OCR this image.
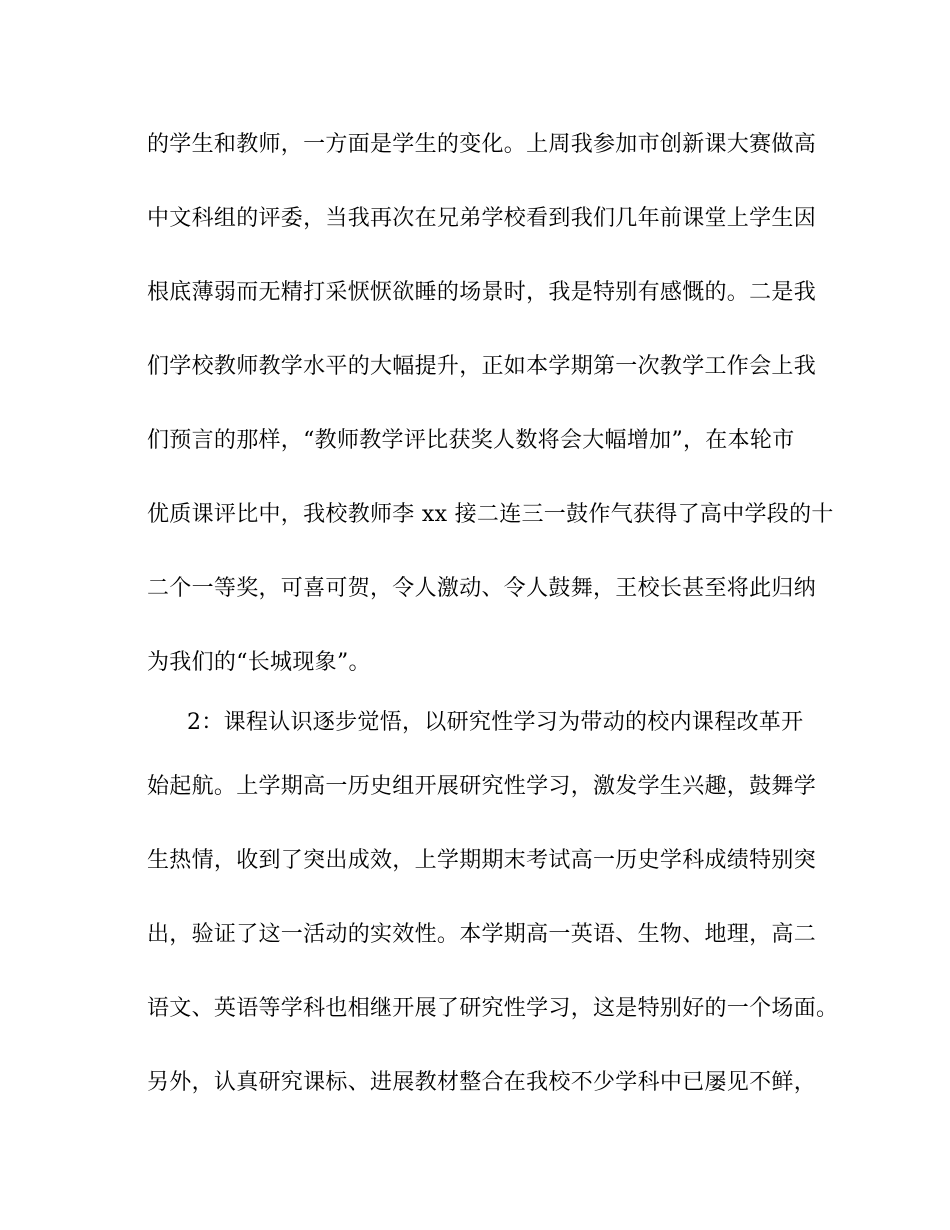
的学生和教师，一方面是学生的变化。上周我参加市创新课大赛做高
中文科组的评委，当我再次在兄弟学校看到我们几年前课堂上学生因
根底薄弱而无精打采恹恹欲睡的场景时，我是特别有感慨的。二是我
们学校教师教学水平的大幅提升，正如本学期第一次教学工作会上我
们预言的那样，“教师教学评比获奖人数将会大幅增加”，在本轮市
优质课评比中，我校教师李 xx 接二连三一鼓作气获得了高中学段的十
二个一等奖，可喜可贺，令人激动、令人鼓舞，王校长甚至将此归纳
为我们的“长城现象”。
2：课程认识逐步觉悟，以研究性学习为带动的校内课程改革开
始起航。上学期高一历史组开展研究性学习，激发学生兴趣，鼓舞学
生热情，收到了突出成效，上学期期末考试高一历史学科成绩特别突
出，验证了这一活动的实效性。本学期高一英语、生物、地理，高二
语文、英语等学科也相继开展了研究性学习，这是特别好的一个场面。
另外，认真研究课标、进展教材整合在我校不少学科中已屡见不鲜，
